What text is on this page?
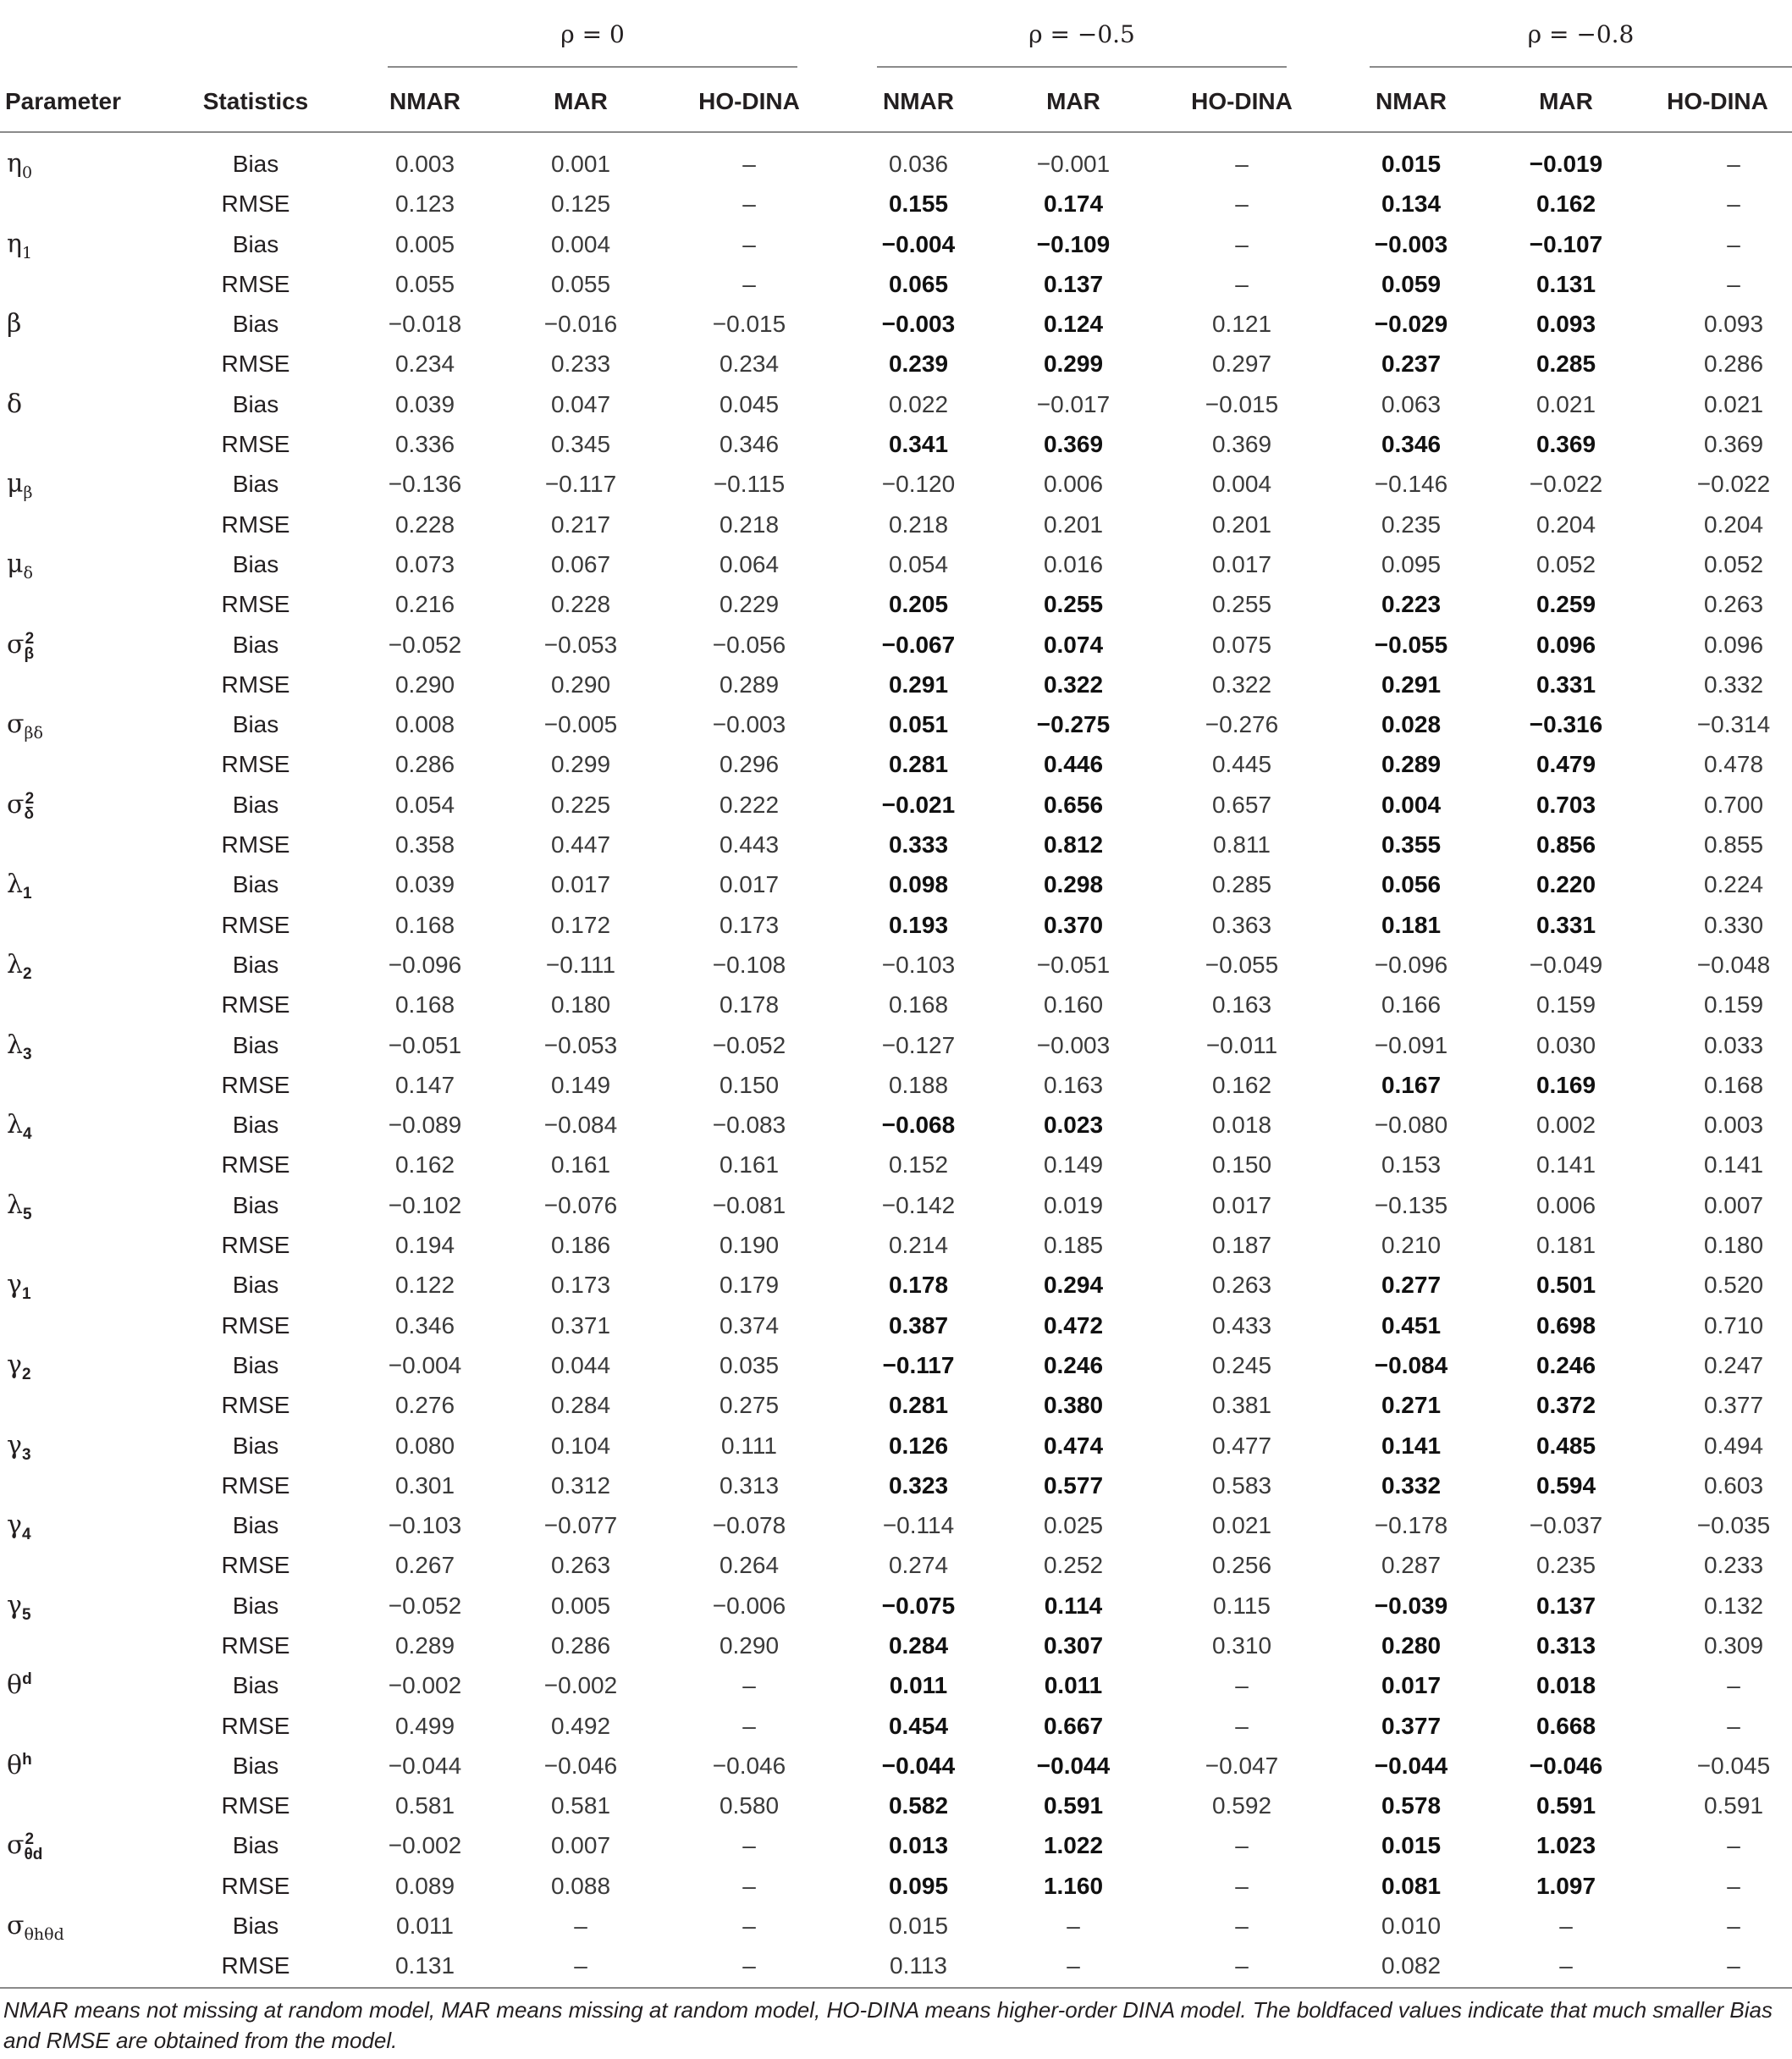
ρ = 0	ρ = −0.5	ρ = −0.8
Parameter	Statistics	NMAR	MAR	HO-DINA	NMAR	MAR	HO-DINA	NMAR	MAR	HO-DINA
$\eta_0$	Bias	0.003	0.001	–	0.036	−0.001	–	0.015	−0.019	–
RMSE	0.123	0.125	–	0.155	0.174	–	0.134	0.162	–
$\eta_1$	Bias	0.005	0.004	–	−0.004	−0.109	–	−0.003	−0.107	–
RMSE	0.055	0.055	–	0.065	0.137	–	0.059	0.131	–
β	Bias	−0.018	−0.016	−0.015	−0.003	0.124	0.121	−0.029	0.093	0.093
RMSE	0.234	0.233	0.234	0.239	0.299	0.297	0.237	0.285	0.286
δ	Bias	0.039	0.047	0.045	0.022	−0.017	−0.015	0.063	0.021	0.021
RMSE	0.336	0.345	0.346	0.341	0.369	0.369	0.346	0.369	0.369
$\mu_\beta$	Bias	−0.136	−0.117	−0.115	−0.120	0.006	0.004	−0.146	−0.022	−0.022
RMSE	0.228	0.217	0.218	0.218	0.201	0.201	0.235	0.204	0.204
$\mu_\delta$	Bias	0.073	0.067	0.064	0.054	0.016	0.017	0.095	0.052	0.052
RMSE	0.216	0.228	0.229	0.205	0.255	0.255	0.223	0.259	0.263
$\sigma_\beta^2$	Bias	−0.052	−0.053	−0.056	−0.067	0.074	0.075	−0.055	0.096	0.096
RMSE	0.290	0.290	0.289	0.291	0.322	0.322	0.291	0.331	0.332
$\sigma_{\beta\delta}$	Bias	0.008	−0.005	−0.003	0.051	−0.275	−0.276	0.028	−0.316	−0.314
RMSE	0.286	0.299	0.296	0.281	0.446	0.445	0.289	0.479	0.478
$\sigma_\delta^2$	Bias	0.054	0.225	0.222	−0.021	0.656	0.657	0.004	0.703	0.700
RMSE	0.358	0.447	0.443	0.333	0.812	0.811	0.355	0.856	0.855
$\lambda_1$	Bias	0.039	0.017	0.017	0.098	0.298	0.285	0.056	0.220	0.224
RMSE	0.168	0.172	0.173	0.193	0.370	0.363	0.181	0.331	0.330
$\lambda_2$	Bias	−0.096	−0.111	−0.108	−0.103	−0.051	−0.055	−0.096	−0.049	−0.048
RMSE	0.168	0.180	0.178	0.168	0.160	0.163	0.166	0.159	0.159
$\lambda_3$	Bias	−0.051	−0.053	−0.052	−0.127	−0.003	−0.011	−0.091	0.030	0.033
RMSE	0.147	0.149	0.150	0.188	0.163	0.162	0.167	0.169	0.168
$\lambda_4$	Bias	−0.089	−0.084	−0.083	−0.068	0.023	0.018	−0.080	0.002	0.003
RMSE	0.162	0.161	0.161	0.152	0.149	0.150	0.153	0.141	0.141
$\lambda_5$	Bias	−0.102	−0.076	−0.081	−0.142	0.019	0.017	−0.135	0.006	0.007
RMSE	0.194	0.186	0.190	0.214	0.185	0.187	0.210	0.181	0.180
$\gamma_1$	Bias	0.122	0.173	0.179	0.178	0.294	0.263	0.277	0.501	0.520
RMSE	0.346	0.371	0.374	0.387	0.472	0.433	0.451	0.698	0.710
$\gamma_2$	Bias	−0.004	0.044	0.035	−0.117	0.246	0.245	−0.084	0.246	0.247
RMSE	0.276	0.284	0.275	0.281	0.380	0.381	0.271	0.372	0.377
$\gamma_3$	Bias	0.080	0.104	0.111	0.126	0.474	0.477	0.141	0.485	0.494
RMSE	0.301	0.312	0.313	0.323	0.577	0.583	0.332	0.594	0.603
$\gamma_4$	Bias	−0.103	−0.077	−0.078	−0.114	0.025	0.021	−0.178	−0.037	−0.035
RMSE	0.267	0.263	0.264	0.274	0.252	0.256	0.287	0.235	0.233
$\gamma_5$	Bias	−0.052	0.005	−0.006	−0.075	0.114	0.115	−0.039	0.137	0.132
RMSE	0.289	0.286	0.290	0.284	0.307	0.310	0.280	0.313	0.309
$\theta^d$	Bias	−0.002	−0.002	–	0.011	0.011	–	0.017	0.018	–
RMSE	0.499	0.492	–	0.454	0.667	–	0.377	0.668	–
$\theta^h$	Bias	−0.044	−0.046	−0.046	−0.044	−0.044	−0.047	−0.044	−0.046	−0.045
RMSE	0.581	0.581	0.580	0.582	0.591	0.592	0.578	0.591	0.591
$\sigma_{\theta d}^2$	Bias	−0.002	0.007	–	0.013	1.022	–	0.015	1.023	–
RMSE	0.089	0.088	–	0.095	1.160	–	0.081	1.097	–
$\sigma_{\theta h\theta d}$	Bias	0.011	–	–	0.015	–	–	0.010	–	–
RMSE	0.131	–	–	0.113	–	–	0.082	–	–
NMAR means not missing at random model, MAR means missing at random model, HO-DINA means higher-order DINA model. The boldfaced values indicate that much smaller Bias and RMSE are obtained from the model.
